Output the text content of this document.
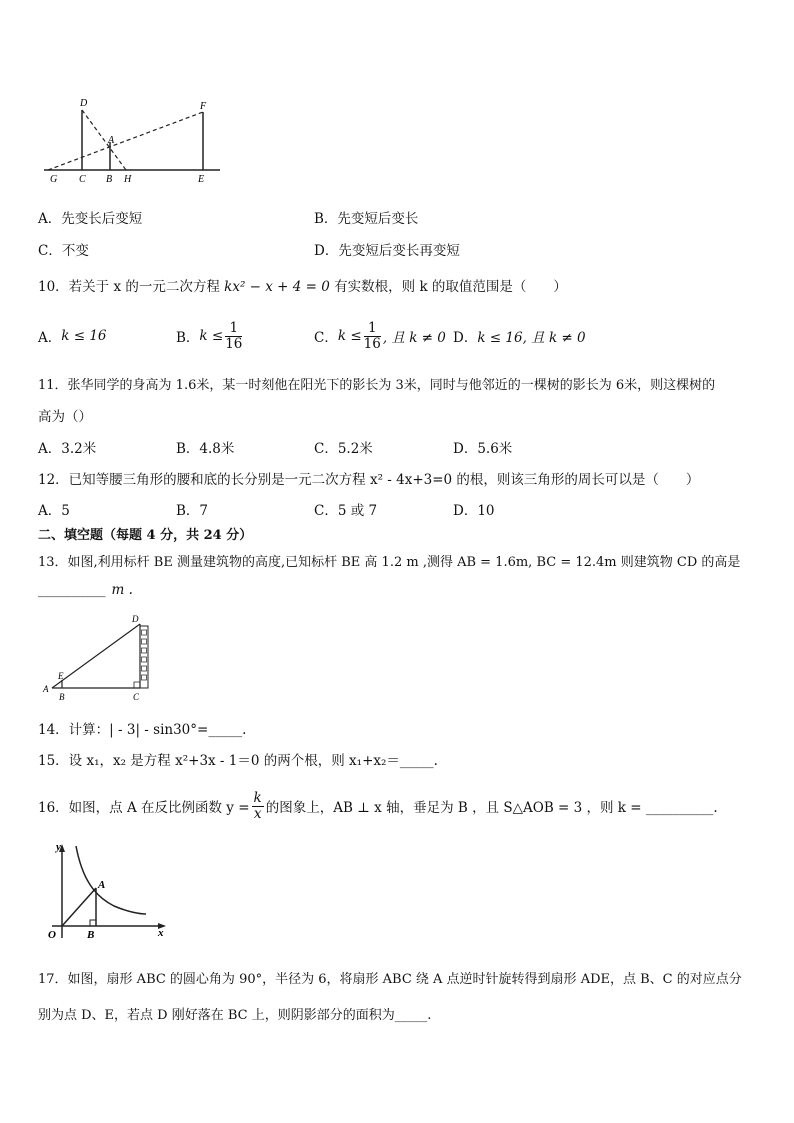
D	F
A
G C B H	E
A．先变长后变短	B．先变短后变长
C．不变	D．先变短后变长再变短
10．若关于 x 的一元二次方程 kx² − x + 4 = 0 有实数根，则 k 的取值范围是（　　）
A． k ≤ 16	B． $k \le \frac{1}{16}$	C． $k \le \frac{1}{16}$ , 且 k ≠ 0 D． k ≤ 16, 且 k ≠ 0
11．张华同学的身高为 1.6米，某一时刻他在阳光下的影长为 3米，同时与他邻近的一棵树的影长为 6米，则这棵树的
高为（）
A．3.2米	B．4.8米	C．5.2米	D．5.6米
12．已知等腰三角形的腰和底的长分别是一元二次方程 x² - 4x+3=0 的根，则该三角形的周长可以是（　　）
A．5	B．7	C．5 或 7	D．10
二、填空题（每题 4 分，共 24 分）
13．如图,利用标杆 BE 测量建筑物的高度,已知标杆 BE 高 1.2 m ,测得 AB = 1.6m, BC = 12.4m 则建筑物 CD 的高是
__________ m .
D
E
A
B	C
14．计算：| - 3| - sin30°=_____.
15．设 x₁，x₂ 是方程 x²+3x - 1＝0 的两个根，则 x₁+x₂＝_____.
16．如图，点 A 在反比例函数 $y = \frac{k}{x}$ 的图象上，AB ⊥ x 轴，垂足为 B ，且 S△AOB = 3 ，则 k = __________.
y
x
O
A
B
17．如图，扇形 ABC 的圆心角为 90°，半径为 6，将扇形 ABC 绕 A 点逆时针旋转得到扇形 ADE，点 B、C 的对应点分
别为点 D、E，若点 D 刚好落在 BC 上，则阴影部分的面积为_____.
